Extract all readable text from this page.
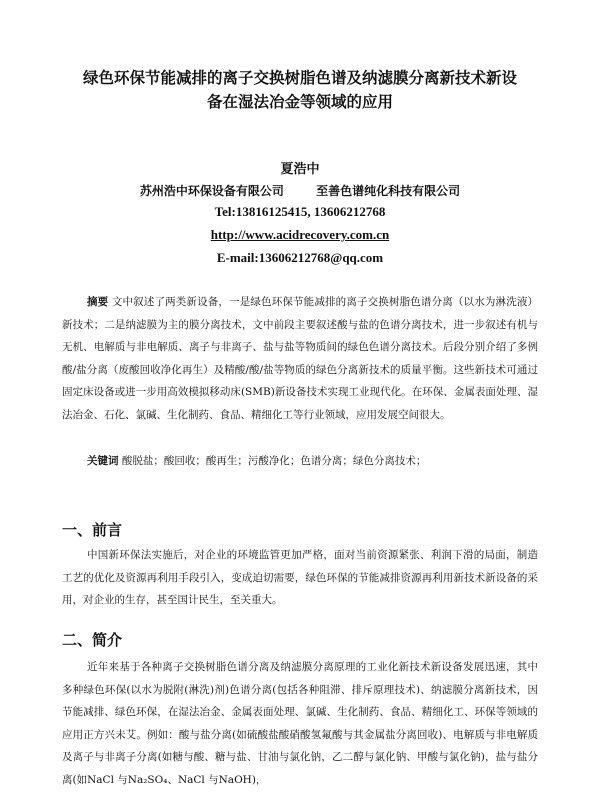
绿色环保节能减排的离子交换树脂色谱及纳滤膜分离新技术新设
备在湿法冶金等领域的应用
夏浩中
苏州浩中环保设备有限公司	至善色谱纯化科技有限公司
Tel:13816125415, 13606212768
http://www.acidrecovery.com.cn
E-mail:13606212768@qq.com
摘要 文中叙述了两类新设备，一是绿色环保节能减排的离子交换树脂色谱分离（以水为淋洗液）新技术；二是纳滤膜为主的膜分离技术，文中前段主要叙述酸与盐的色谱分离技术，进一步叙述有机与无机、电解质与非电解质、离子与非离子、盐与盐等物质间的绿色色谱分离技术。后段分别介绍了多例酸/盐分离（废酸回收净化再生）及精酸/酸/盐等物质的绿色分离新技术的质量平衡。这些新技术可通过固定床设备或进一步用高效模拟移动床(SMB)新设备技术实现工业现代化。在环保、金属表面处理、湿法冶金、石化、氯碱、生化制药、食品、精细化工等行业领域，应用发展空间很大。
关键词 酸脱盐；酸回收；酸再生；污酸净化；色谱分离；绿色分离技术；
一、前言
中国新环保法实施后，对企业的环境监管更加严格，面对当前资源紧张、利润下滑的局面，制造工艺的优化及资源再利用手段引入，变成迫切需要，绿色环保的节能减排资源再利用新技术新设备的采用，对企业的生存，甚至国计民生，至关重大。
二、简介
近年来基于各种离子交换树脂色谱分离及纳滤膜分离原理的工业化新技术新设备发展迅速，其中多种绿色环保(以水为脱附(淋洗)剂)色谱分离(包括各种阻滞、排斥原理技术)、纳滤膜分离新技术，因节能减排、绿色环保，在湿法冶金、金属表面处理、氯碱、生化制药、食品、精细化工、环保等领域的应用正方兴未艾。例如：酸与盐分离(如硫酸盐酸硝酸氢氟酸与其金属盐分离回收)、电解质与非电解质及离子与非离子分离(如糖与酸、糖与盐、甘油与氯化钠，乙二醇与氯化钠、甲酸与氯化钠)，盐与盐分离(如NaCl 与Na₂SO₄、NaCl 与NaOH)，
